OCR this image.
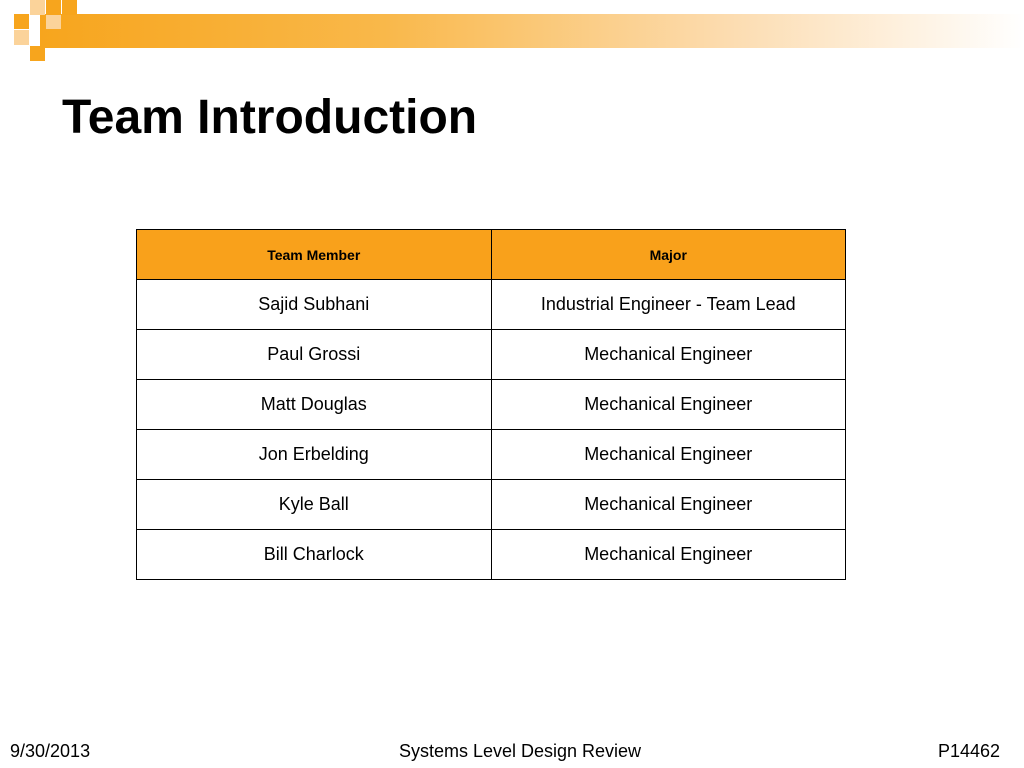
Team Introduction
Team Member	Major
Sajid Subhani	Industrial Engineer - Team Lead
Paul Grossi	Mechanical Engineer
Matt Douglas	Mechanical Engineer
Jon Erbelding	Mechanical Engineer
Kyle Ball	Mechanical Engineer
Bill Charlock	Mechanical Engineer
9/30/2013	Systems Level Design Review	P14462
